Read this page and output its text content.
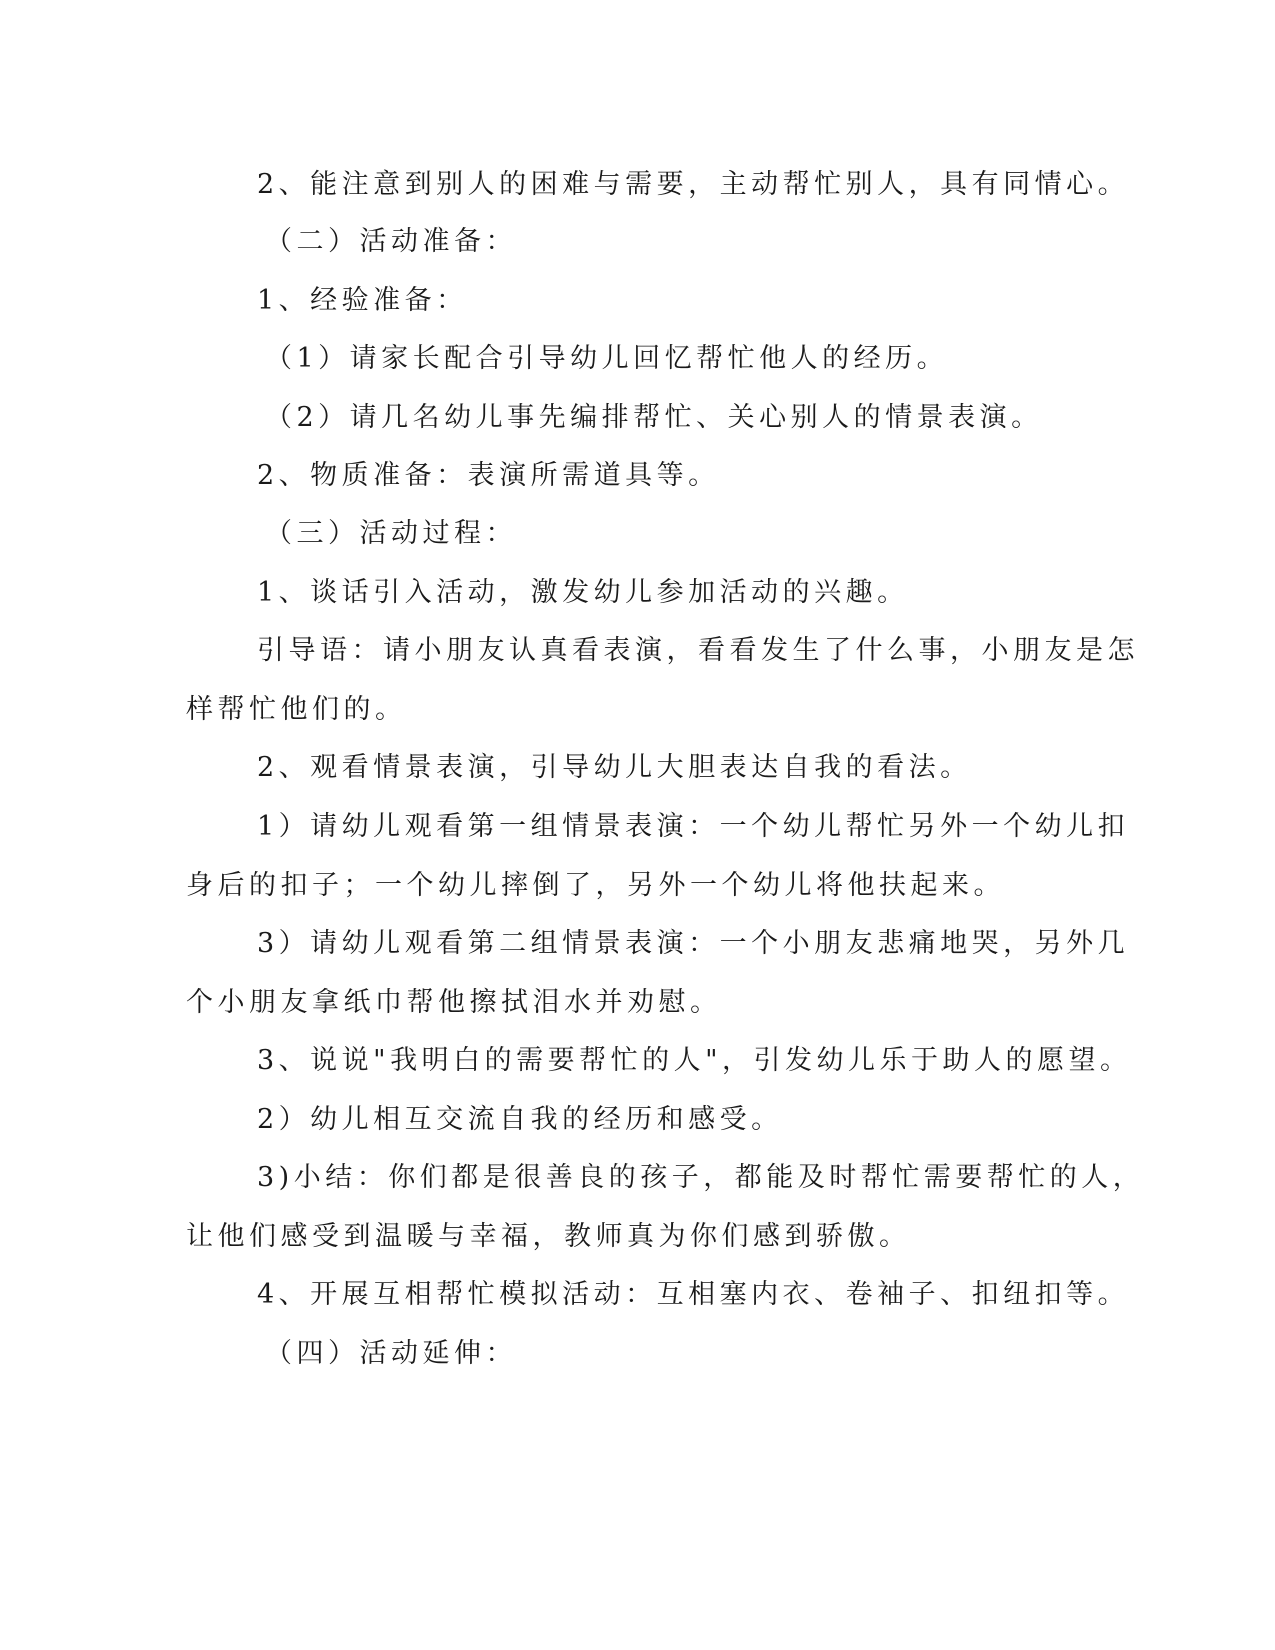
2、能注意到别人的困难与需要，主动帮忙别人，具有同情心。
（二）活动准备：
1、经验准备：
（1）请家长配合引导幼儿回忆帮忙他人的经历。
（2）请几名幼儿事先编排帮忙、关心别人的情景表演。
2、物质准备：表演所需道具等。
（三）活动过程：
1、谈话引入活动，激发幼儿参加活动的兴趣。
引导语：请小朋友认真看表演，看看发生了什么事，小朋友是怎
样帮忙他们的。
2、观看情景表演，引导幼儿大胆表达自我的看法。
1）请幼儿观看第一组情景表演：一个幼儿帮忙另外一个幼儿扣
身后的扣子；一个幼儿摔倒了，另外一个幼儿将他扶起来。
3）请幼儿观看第二组情景表演：一个小朋友悲痛地哭，另外几
个小朋友拿纸巾帮他擦拭泪水并劝慰。
3、说说"我明白的需要帮忙的人"，引发幼儿乐于助人的愿望。
2）幼儿相互交流自我的经历和感受。
3)小结：你们都是很善良的孩子，都能及时帮忙需要帮忙的人，
让他们感受到温暖与幸福，教师真为你们感到骄傲。
4、开展互相帮忙模拟活动：互相塞内衣、卷袖子、扣纽扣等。
（四）活动延伸：
